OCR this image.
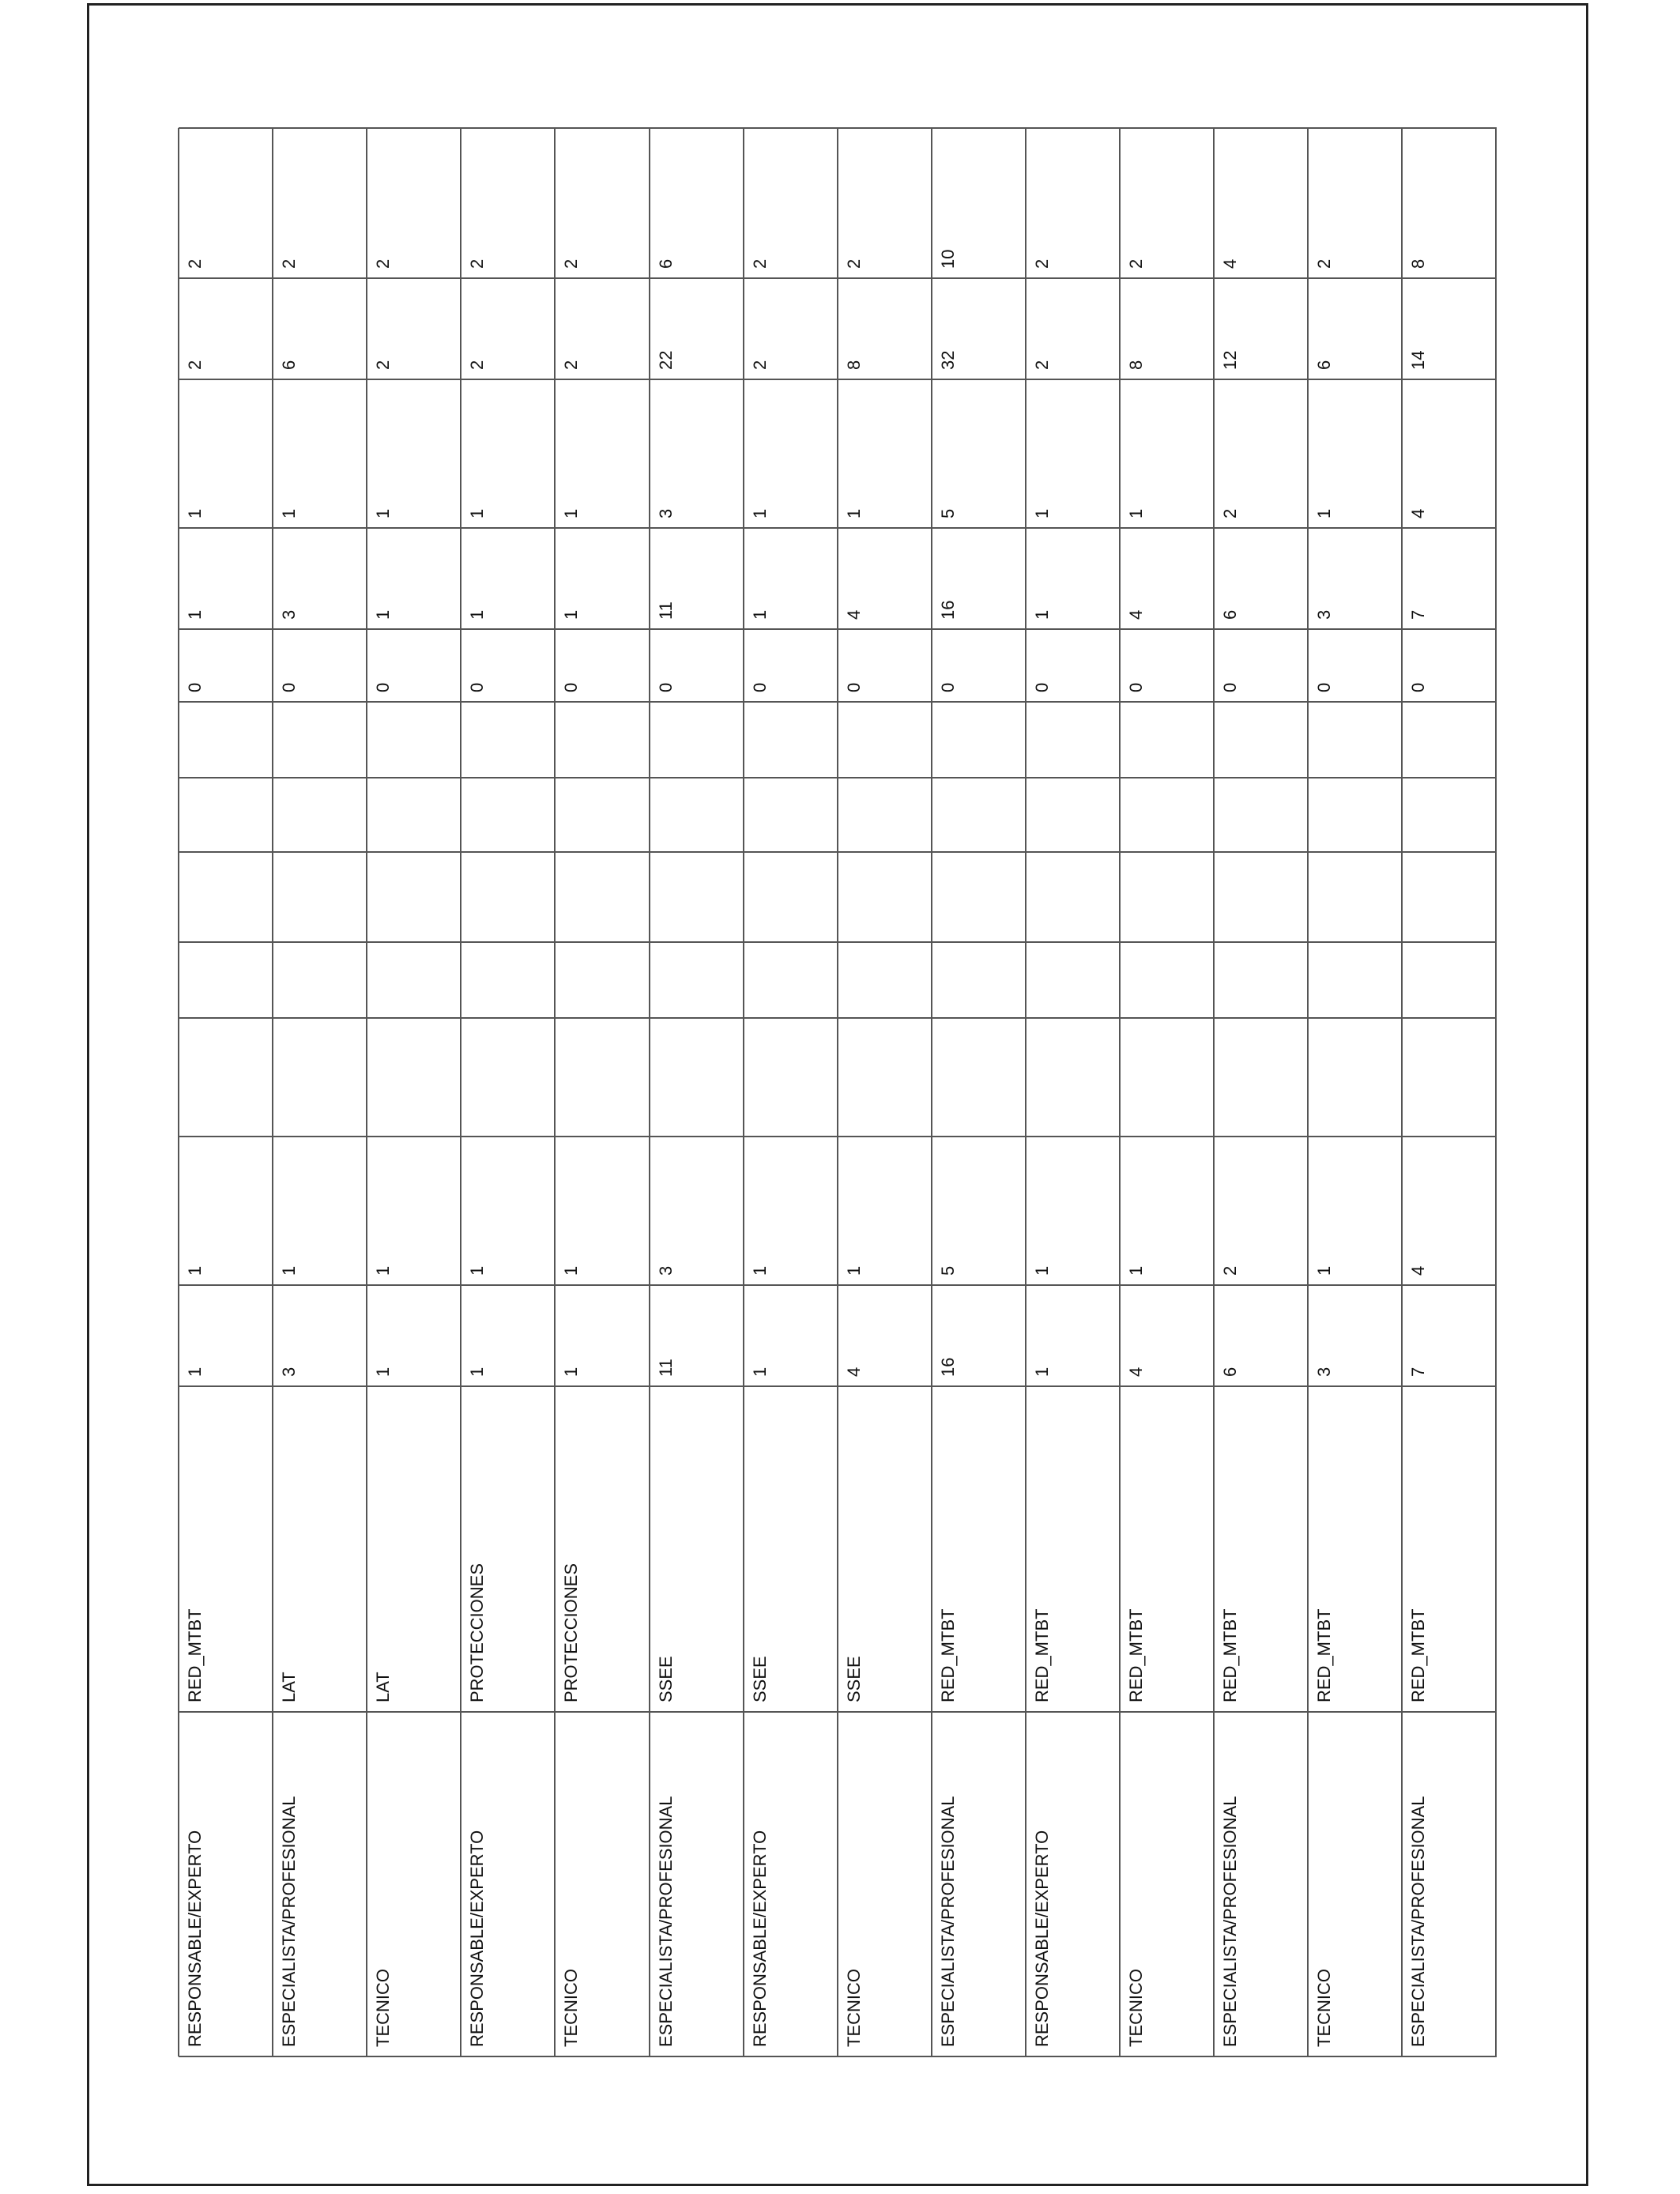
2
2
1
1
0
1
1
RED_MTBT
RESPONSABLE/EXPERTO
2
6
1
3
0
1
3
LAT
ESPECIALISTA/PROFESIONAL
2
2
1
1
0
1
1
LAT
TECNICO
2
2
1
1
0
1
1
PROTECCIONES
RESPONSABLE/EXPERTO
2
2
1
1
0
1
1
PROTECCIONES
TECNICO
6
22
3
11
0
3
11
SSEE
ESPECIALISTA/PROFESIONAL
2
2
1
1
0
1
1
SSEE
RESPONSABLE/EXPERTO
2
8
1
4
0
1
4
SSEE
TECNICO
10
32
5
16
0
5
16
RED_MTBT
ESPECIALISTA/PROFESIONAL
2
2
1
1
0
1
1
RED_MTBT
RESPONSABLE/EXPERTO
2
8
1
4
0
1
4
RED_MTBT
TECNICO
4
12
2
6
0
2
6
RED_MTBT
ESPECIALISTA/PROFESIONAL
2
6
1
3
0
1
3
RED_MTBT
TECNICO
8
14
4
7
0
4
7
RED_MTBT
ESPECIALISTA/PROFESIONAL
